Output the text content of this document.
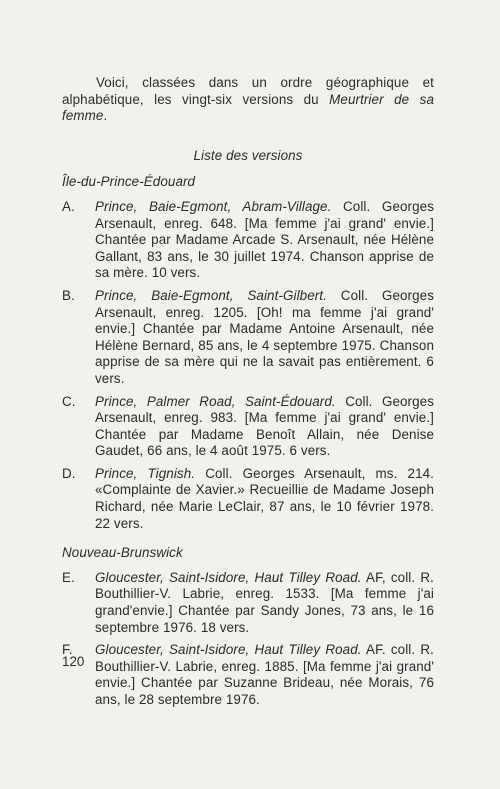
Voici, classées dans un ordre géographique et alphabétique, les vingt-six versions du Meurtrier de sa femme.

Liste des versions
Île-du-Prince-Édouard
A.	Prince, Baie-Egmont, Abram-Village. Coll. Georges Arsenault, enreg. 648. [Ma femme j'ai grand' envie.] Chantée par Madame Arcade S. Arsenault, née Hélène Gallant, 83 ans, le 30 juillet 1974. Chanson apprise de sa mère. 10 vers.
B.	Prince, Baie-Egmont, Saint-Gilbert. Coll. Georges Arsenault, enreg. 1205. [Oh! ma femme j'ai grand' envie.] Chantée par Madame Antoine Arsenault, née Hélène Bernard, 85 ans, le 4 septembre 1975. Chanson apprise de sa mère qui ne la savait pas entièrement. 6 vers.
C.	Prince, Palmer Road, Saint-Édouard. Coll. Georges Arsenault, enreg. 983. [Ma femme j'ai grand' envie.] Chantée par Madame Benoît Allain, née Denise Gaudet, 66 ans, le 4 août 1975. 6 vers.
D.	Prince, Tignish. Coll. Georges Arsenault, ms. 214. «Complainte de Xavier.» Recueillie de Madame Joseph Richard, née Marie LeClair, 87 ans, le 10 février 1978. 22 vers.
Nouveau-Brunswick
E.	Gloucester, Saint-Isidore, Haut Tilley Road. AF, coll. R. Bouthillier-V. Labrie, enreg. 1533. [Ma femme j'ai grand'envie.] Chantée par Sandy Jones, 73 ans, le 16 septembre 1976. 18 vers.
F.	Gloucester, Saint-Isidore, Haut Tilley Road. AF. coll. R. Bouthillier-V. Labrie, enreg. 1885. [Ma femme j'ai grand' envie.] Chantée par Suzanne Brideau, née Morais, 76 ans, le 28 septembre 1976.
120
